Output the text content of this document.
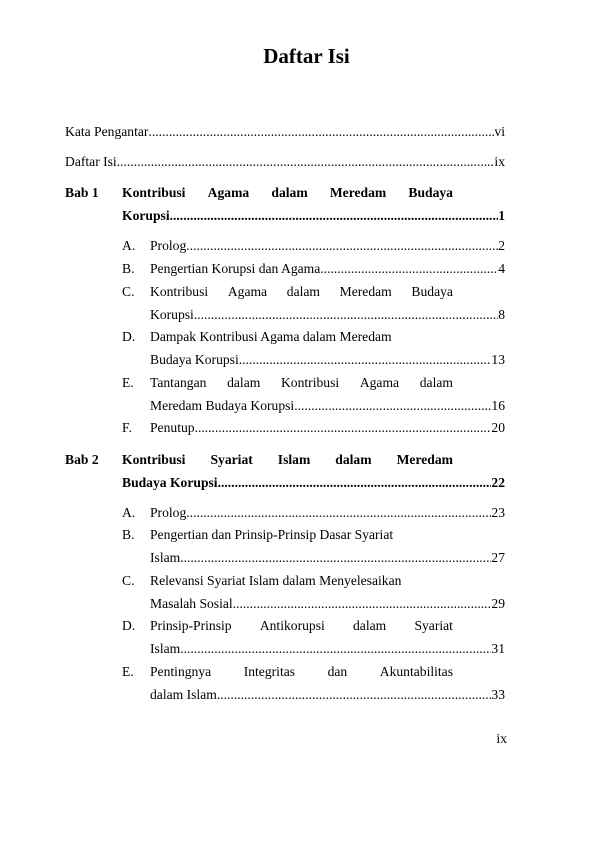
Daftar Isi
Kata Pengantar .....	vi
Daftar Isi .....	ix
Bab 1 Kontribusi Agama dalam Meredam Budaya
Korupsi .....	1
A. Prolog .....	2
B. Pengertian Korupsi dan Agama .....	4
C. Kontribusi Agama dalam Meredam Budaya
Korupsi .....	8
D. Dampak Kontribusi Agama dalam Meredam
Budaya Korupsi .....	13
E. Tantangan dalam Kontribusi Agama dalam
Meredam Budaya Korupsi .....	16
F. Penutup .....	20
Bab 2 Kontribusi Syariat Islam dalam Meredam
Budaya Korupsi .....	22
A. Prolog .....	23
B. Pengertian dan Prinsip-Prinsip Dasar Syariat
Islam .....	27
C. Relevansi Syariat Islam dalam Menyelesaikan
Masalah Sosial .....	29
D. Prinsip-Prinsip Antikorupsi dalam Syariat
Islam .....	31
E. Pentingnya Integritas dan Akuntabilitas
dalam Islam .....	33
ix
